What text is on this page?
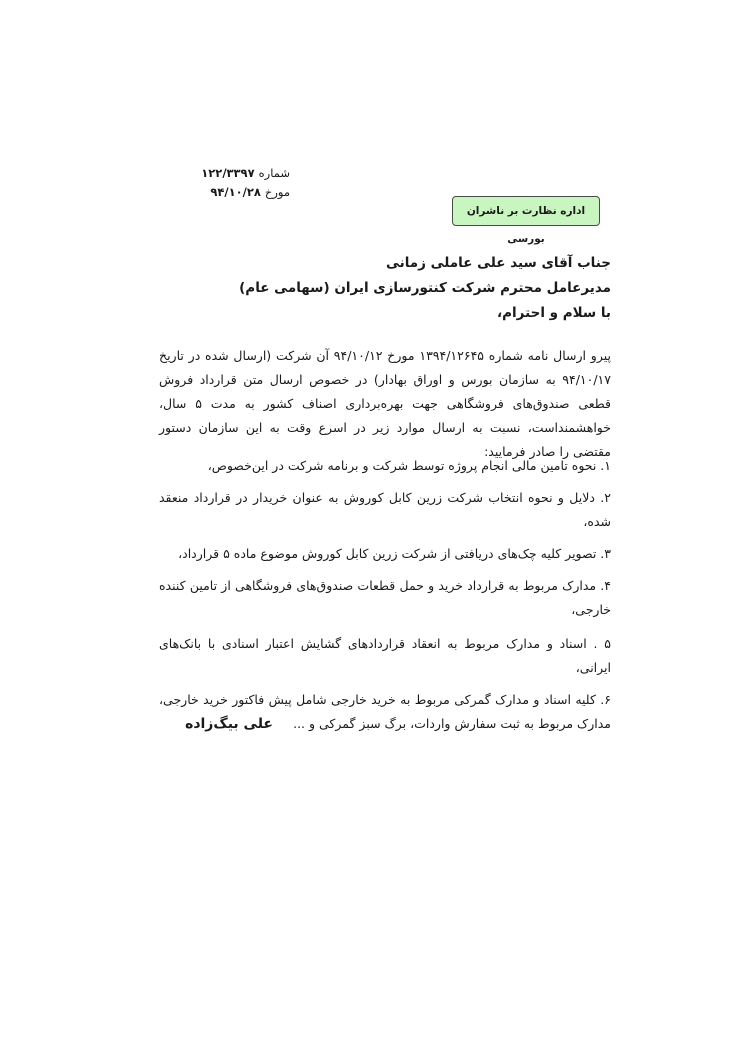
شماره ۱۲۲/۳۳۹۷
مورخ ۹۴/۱۰/۲۸
اداره نظارت بر ناشران بورسی
جناب آقای سید علی عاملی زمانی
مدیرعامل محترم شرکت کنتورسازی ایران (سهامی عام)
با سلام و احترام،

پیرو ارسال نامه شماره ۱۳۹۴/۱۲۶۴۵ مورخ ۹۴/۱۰/۱۲ آن شرکت (ارسال شده در تاریخ ۹۴/۱۰/۱۷ به سازمان بورس و اوراق بهادار) در خصوص ارسال متن قرارداد فروش قطعی صندوق‌های فروشگاهی جهت بهره‌برداری اصناف کشور به مدت ۵ سال، خواهشمنداست، نسبت به ارسال موارد زیر در اسرع وقت به این سازمان دستور مقتضی را صادر فرمایید:

۱. نحوه تامین مالی انجام پروژه توسط شرکت و برنامه شرکت در این‌خصوص،
۲. دلایل و نحوه انتخاب شرکت زرین کابل کوروش به عنوان خریدار در قرارداد منعقد شده،
۳. تصویر کلیه چک‌های دریافتی از شرکت زرین کابل کوروش موضوع ماده ۵ قرارداد،
۴. مدارک مربوط به قرارداد خرید و حمل قطعات صندوق‌های فروشگاهی از تامین کننده خارجی،
۵ . اسناد و مدارک مربوط به انعقاد قراردادهای گشایش اعتبار اسنادی با بانک‌های ایرانی،
۶. کلیه اسناد و مدارک گمرکی مربوط به خرید خارجی شامل پیش فاکتور خرید خارجی، مدارک مربوط به ثبت سفارش واردات، برگ سبز گمرکی و ...
علی بیگ‌زاده
